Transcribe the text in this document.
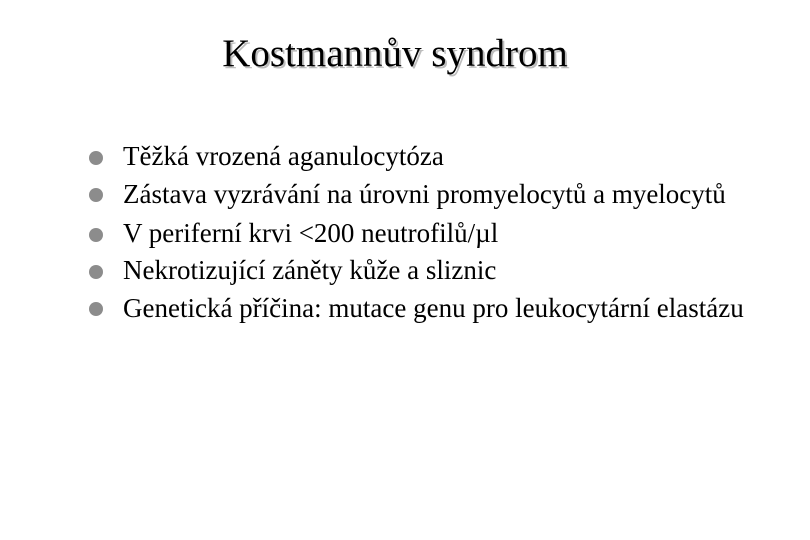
Kostmannův syndrom
Těžká vrozená aganulocytóza
Zástava vyzrávání na úrovni promyelocytů a myelocytů
V periferní krvi <200 neutrofilů/µl
Nekrotizující záněty kůže a sliznic
Genetická příčina: mutace genu pro leukocytární elastázu
